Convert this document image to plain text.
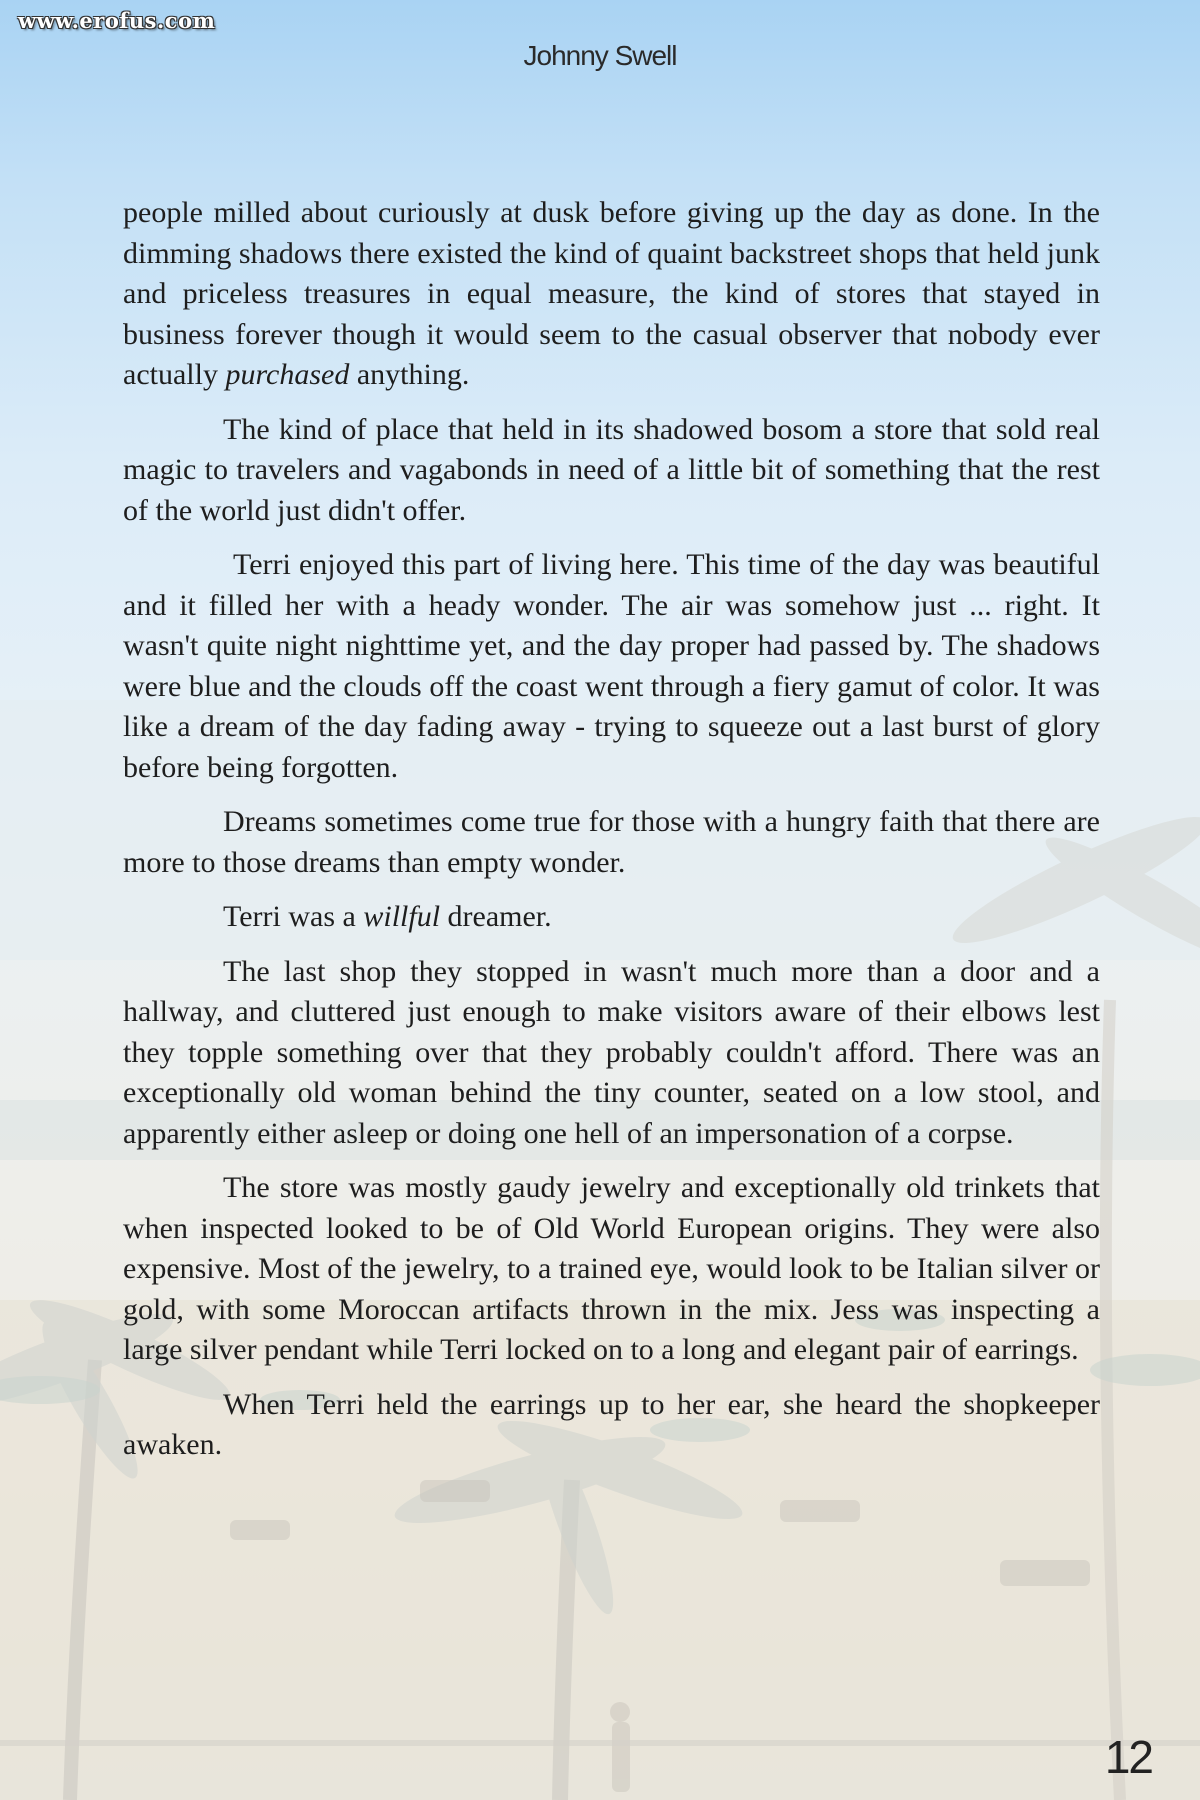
www.erofus.com
Johnny Swell

people milled about curiously at dusk before giving up the day as done. In the dimming shadows there existed the kind of quaint backstreet shops that held junk and priceless treasures in equal measure, the kind of stores that stayed in business forever though it would seem to the casual observer that nobody ever actually purchased anything.

The kind of place that held in its shadowed bosom a store that sold real magic to travelers and vagabonds in need of a little bit of something that the rest of the world just didn't offer.

Terri enjoyed this part of living here. This time of the day was beautiful and it filled her with a heady wonder. The air was somehow just ... right. It wasn't quite night nighttime yet, and the day proper had passed by. The shadows were blue and the clouds off the coast went through a fiery gamut of color. It was like a dream of the day fading away - trying to squeeze out a last burst of glory before being forgotten.

Dreams sometimes come true for those with a hungry faith that there are more to those dreams than empty wonder.

Terri was a willful dreamer.

The last shop they stopped in wasn't much more than a door and a hallway, and cluttered just enough to make visitors aware of their elbows lest they topple something over that they probably couldn't afford. There was an exceptionally old woman behind the tiny counter, seated on a low stool, and apparently either asleep or doing one hell of an impersonation of a corpse.

The store was mostly gaudy jewelry and exceptionally old trinkets that when inspected looked to be of Old World European origins. They were also expensive. Most of the jewelry, to a trained eye, would look to be Italian silver or gold, with some Moroccan artifacts thrown in the mix. Jess was inspecting a large silver pendant while Terri locked on to a long and elegant pair of earrings.

When Terri held the earrings up to her ear, she heard the shopkeeper awaken.

12
